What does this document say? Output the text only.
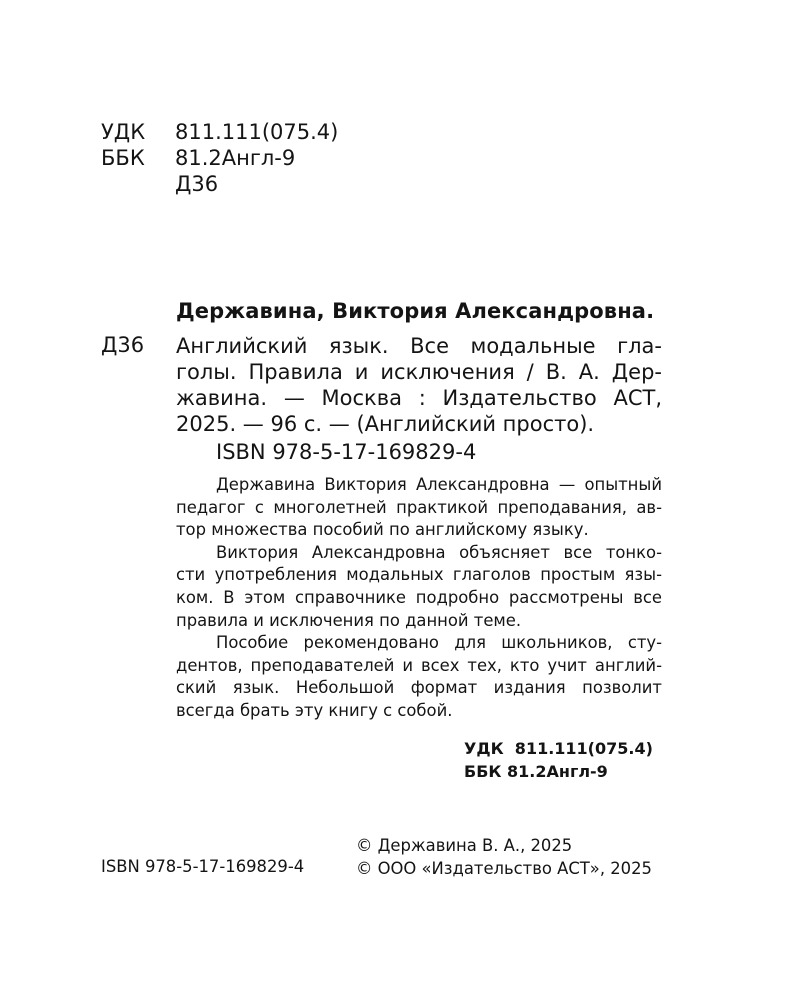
УДК 811.111(075.4)
ББК 81.2Англ-9
Д36
Державина, Виктория Александровна.
Д36 Английский язык. Все модальные гла-
голы. Правила и исключения / В. А. Дер-
жавина. — Москва : Издательство АСТ,
2025. — 96 с. — (Английский просто).
ISBN 978-5-17-169829-4
Державина Виктория Александровна — опытный
педагог с многолетней практикой преподавания, ав-
тор множества пособий по английскому языку.
Виктория Александровна объясняет все тонко-
сти употребления модальных глаголов простым язы-
ком. В этом справочнике подробно рассмотрены все
правила и исключения по данной теме.
Пособие рекомендовано для школьников, сту-
дентов, преподавателей и всех тех, кто учит англий-
ский язык. Небольшой формат издания позволит
всегда брать эту книгу с собой.
УДК  811.111(075.4)
ББК 81.2Англ-9
© Державина В. А., 2025
© ООО «Издательство АСТ», 2025
ISBN 978-5-17-169829-4
